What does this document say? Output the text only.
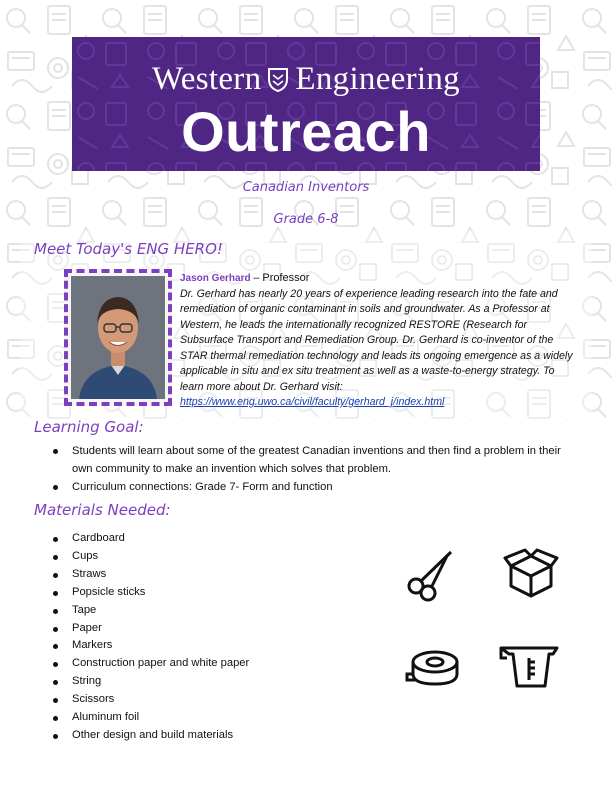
Western Engineering
Outreach
Canadian Inventors
Grade 6-8
Meet Today's ENG HERO!
Jason Gerhard – Professor
Dr. Gerhard has nearly 20 years of experience leading research into the fate and remediation of organic contaminant in soils and groundwater. As a Professor at Western, he leads the internationally recognized RESTORE (Research for Subsurface Transport and Remediation Group. Dr. Gerhard is co-inventor of the STAR thermal remediation technology and leads its ongoing emergence as a widely applicable in situ and ex situ treatment as well as a waste-to-energy strategy. To learn more about Dr. Gerhard visit: https://www.eng.uwo.ca/civil/faculty/gerhard_j/index.html
Learning Goal:
Students will learn about some of the greatest Canadian inventions and then find a problem in their own community to make an invention which solves that problem.
Curriculum connections: Grade 7- Form and function
Materials Needed:
Cardboard
Cups
Straws
Popsicle sticks
Tape
Paper
Markers
Construction paper and white paper
String
Scissors
Aluminum foil
Other design and build materials
